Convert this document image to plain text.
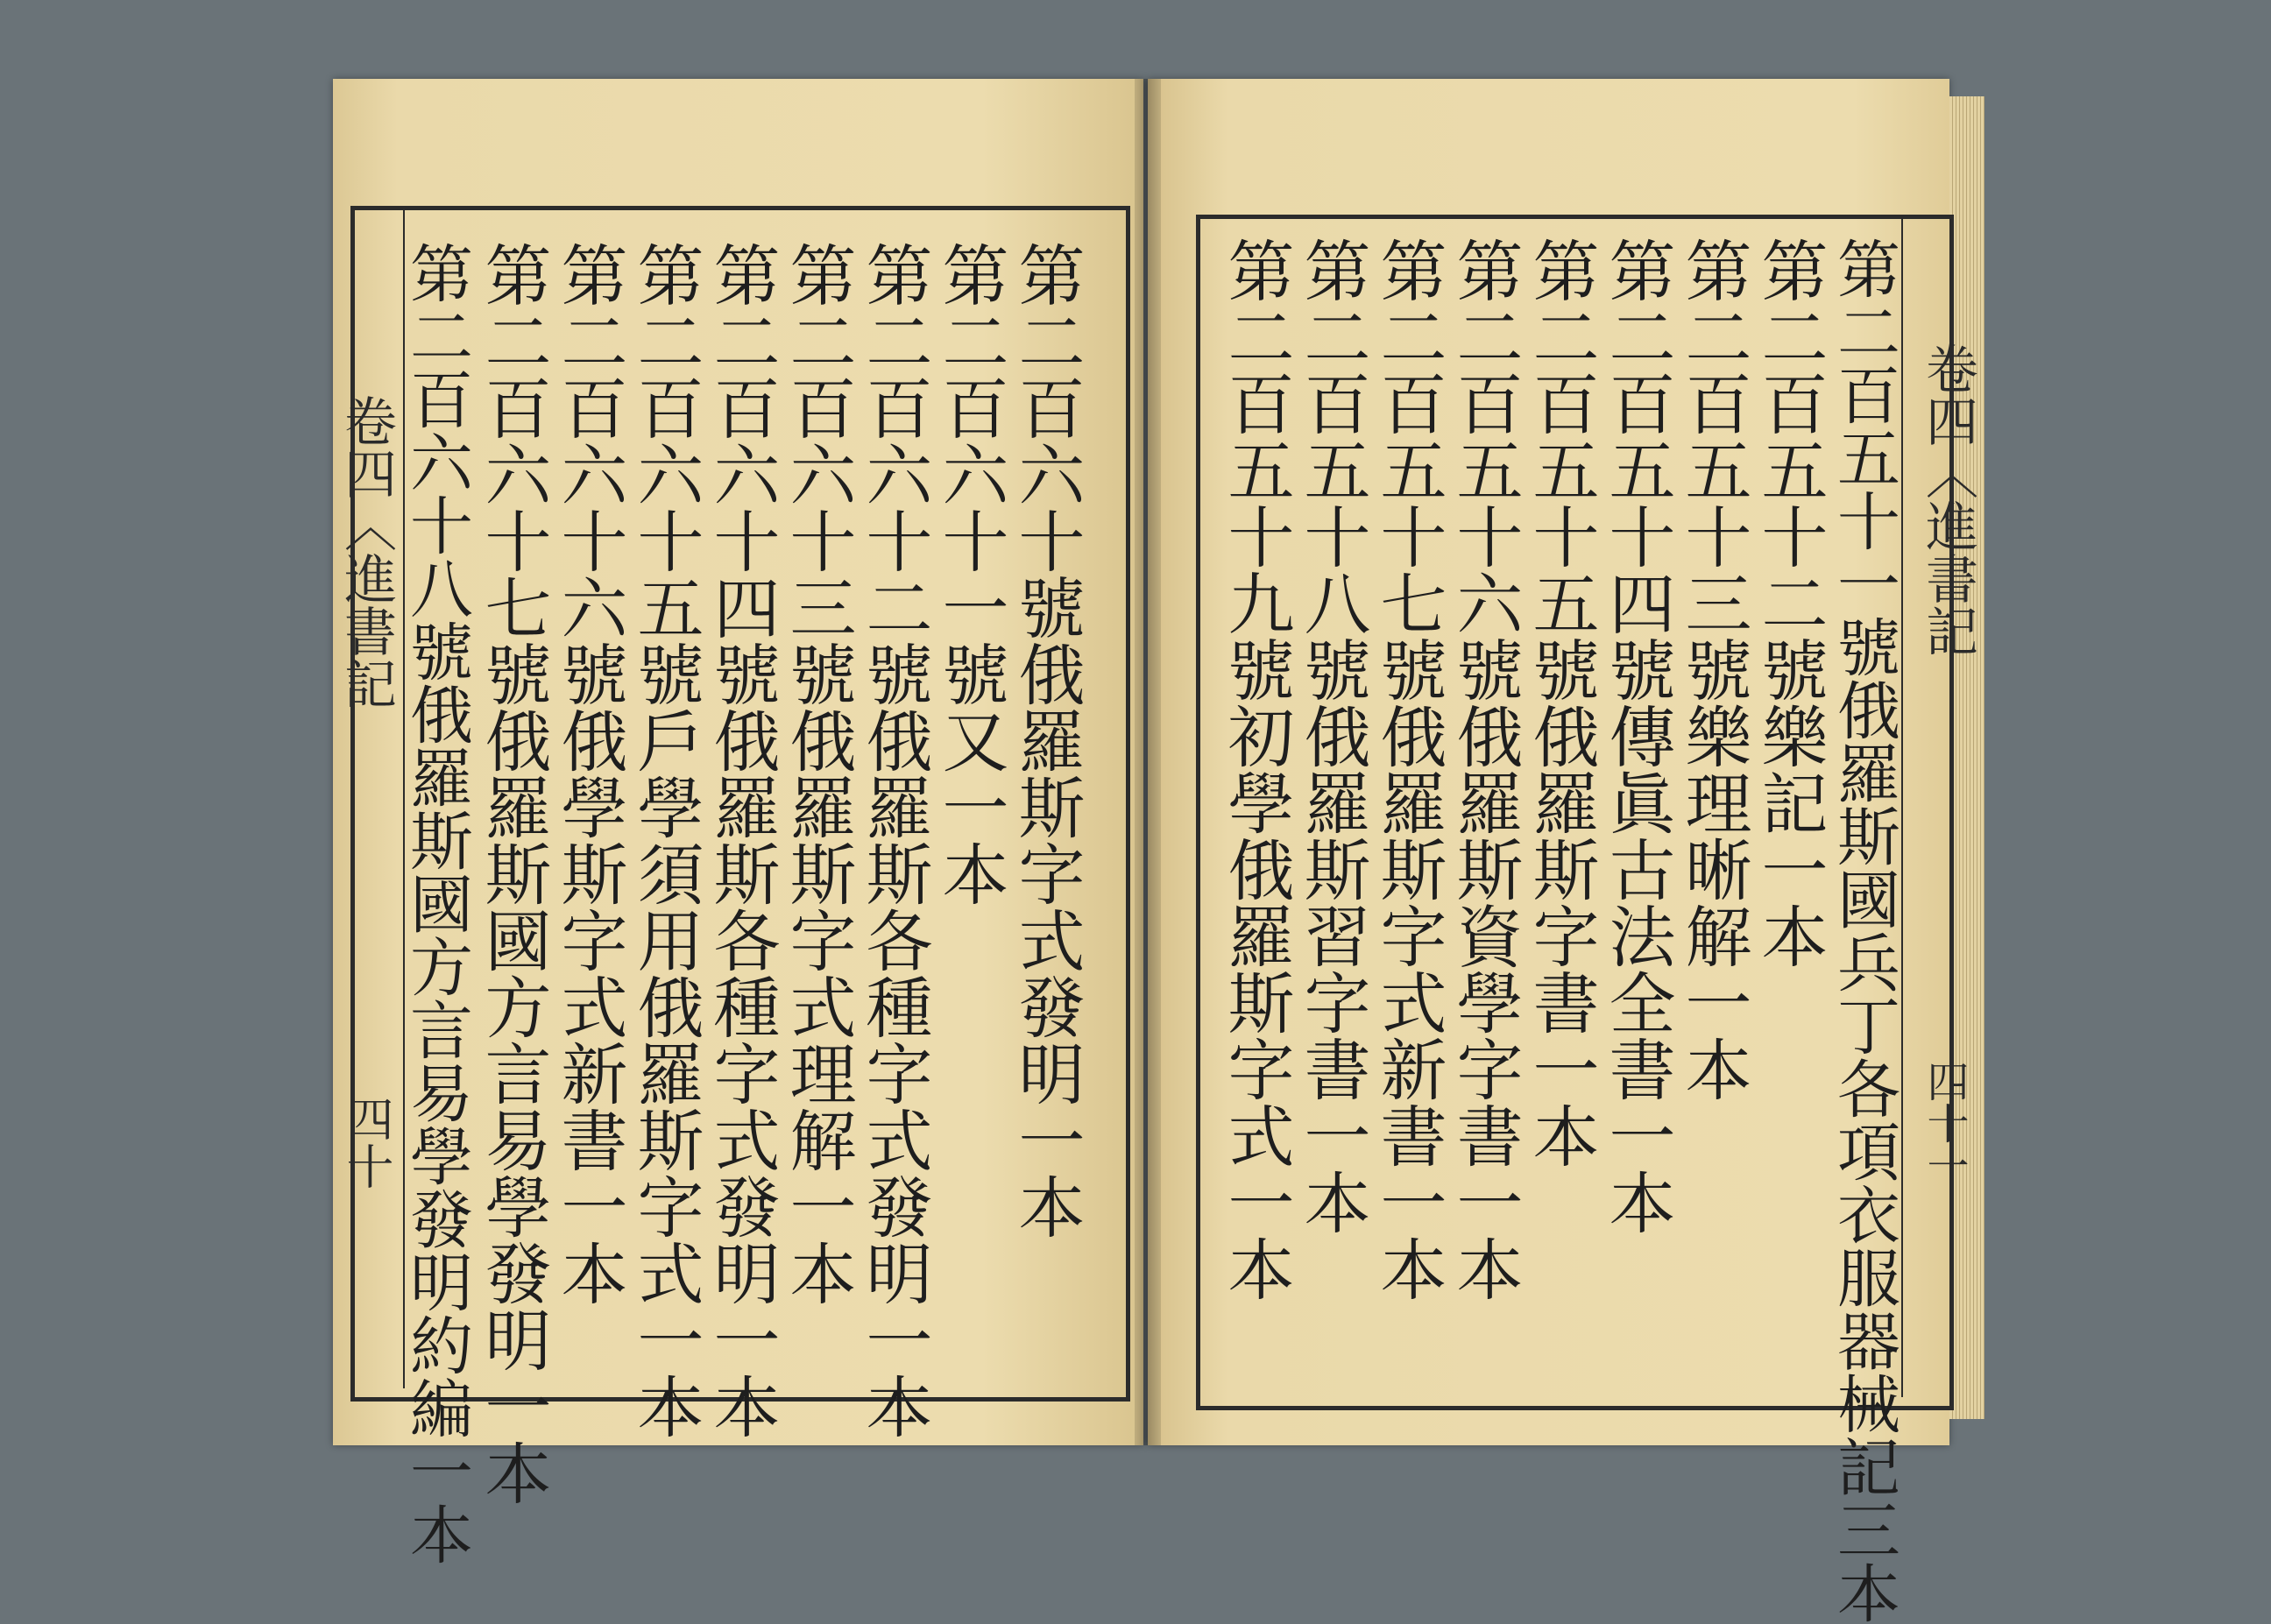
卷四〈進書記
四十	第二百六十號俄羅斯字式發明一本
第二百六十一號又一本
第二百六十二號俄羅斯各種字式發明一本
第二百六十三號俄羅斯字式理解一本
第二百六十四號俄羅斯各種字式發明一本
第二百六十五號戶學須用俄羅斯字式一本
第二百六十六號俄學斯字式新書一本
第二百六十七號俄羅斯國方言易學發明一本
第二百六十八號俄羅斯國方言易學發明約編一本	卷四〈進書記
四十一
第二百五十一號俄羅斯國兵丁各項衣服器械記三本
第二百五十二號樂記一本
第二百五十三號樂理晰解一本
第二百五十四號傳眞古法全書一本
第二百五十五號俄羅斯字書一本
第二百五十六號俄羅斯資學字書一本
第二百五十七號俄羅斯字式新書一本
第二百五十八號俄羅斯習字書一本
第二百五十九號初學俄羅斯字式一本
